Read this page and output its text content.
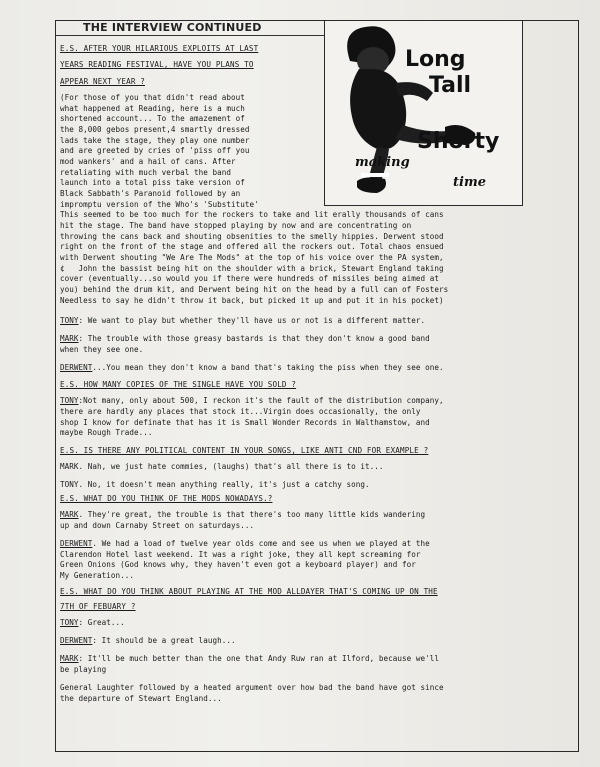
THE INTERVIEW CONTINUED
Long
Tall
Shorty
making
time
E.S. AFTER YOUR HILARIOUS EXPLOITS AT LAST
YEARS READING FESTIVAL, HAVE YOU PLANS TO
APPEAR NEXT YEAR ?
(For those of you that didn't read about
what happened at Reading, here is a much
shortened account... To the amazement of
the 8,000 gebos present,4 smartly dressed
lads take the stage, they play one number
and are greeted by cries of 'piss off you
mod wankers' and a hail of cans. After
retaliating with much verbal the band
launch into a total piss take version of
Black Sabbath's Paranoid followed by an
impromptu version of the Who's 'Substitute'
This seemed to be too much for the rockers to take and lit erally thousands of cans
hit the stage. The band have stopped playing by now and are concentrating on
throwing the cans back and shouting obsenities to the smelly hippies. Derwent stood
right on the front of the stage and offered all the rockers out. Total chaos ensued
with Derwent shouting "We Are The Mods" at the top of his voice over the PA system,
¢   John the bassist being hit on the shoulder with a brick, Stewart England taking
cover (eventually...so would you if there were hundreds of missiles being aimed at
you) behind the drum kit, and Derwent being hit on the head by a full can of Fosters
Needless to say he didn't throw it back, but picked it up and put it in his pocket)
TONY: We want to play but whether they'll have us or not is a different matter.
MARK: The trouble with those greasy bastards is that they don't know a good band
when they see one.
DERWENT...You mean they don't know a band that's taking the piss when they see one.
E.S. HOW MANY COPIES OF THE SINGLE HAVE YOU SOLD ?
TONY:Not many, only about 500, I reckon it's the fault of the distribution company,
there are hardly any places that stock it...Virgin does occasionally, the only
shop I know for definate that has it is Small Wonder Records in Walthamstow, and
maybe Rough Trade...
E.S. IS THERE ANY POLITICAL CONTENT IN YOUR SONGS, LIKE ANTI CND FOR EXAMPLE ?
MARK. Nah, we just hate commies, (laughs) that's all there is to it...
TONY. No, it doesn't mean anything really, it's just a catchy song.
E.S. WHAT DO YOU THINK OF THE MODS NOWADAYS.?
MARK. They're great, the trouble is that there's too many little kids wandering
up and down Carnaby Street on saturdays...
DERWENT. We had a load of twelve year olds come and see us when we played at the
Clarendon Hotel last weekend. It was a right joke, they all kept screaming for
Green Onions (God knows why, they haven't even got a keyboard player) and for
My Generation...
E.S. WHAT DO YOU THINK ABOUT PLAYING AT THE MOD ALLDAYER THAT'S COMING UP ON THE
7TH OF FEBUARY ?
TONY: Great...
DERWENT: It should be a great laugh...
MARK: It'll be much better than the one that Andy Ruw ran at Ilford, because we'll
be playing
General Laughter followed by a heated argument over how bad the band have got since
the departure of Stewart England...
